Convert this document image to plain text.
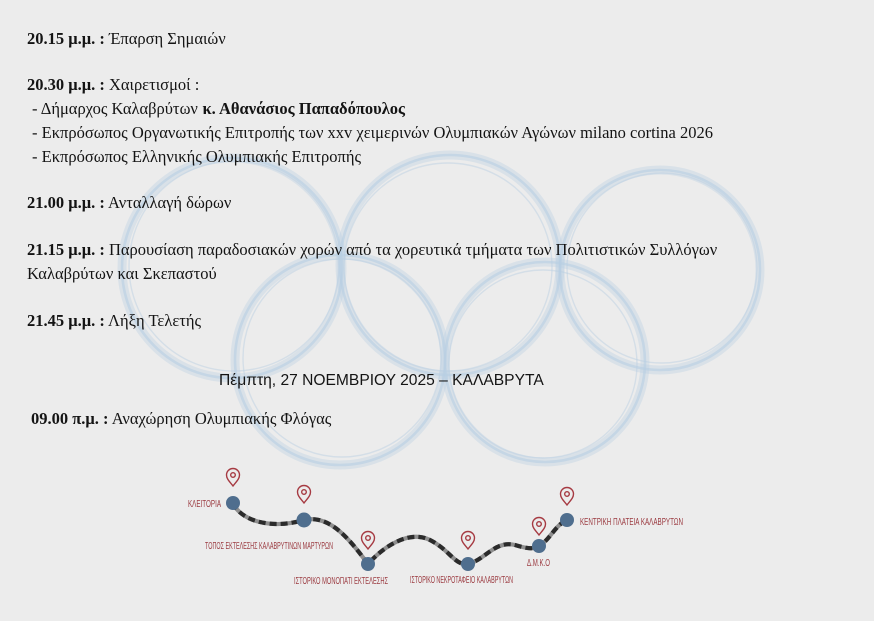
20.15 μ.μ. : Έπαρση Σημαιών
20.30 μ.μ. : Χαιρετισμοί :
- Δήμαρχος Καλαβρύτων κ. Αθανάσιος Παπαδόπουλος
- Εκπρόσωπος Οργανωτικής Επιτροπής των xxv χειμερινών Ολυμπιακών Αγώνων milano cortina 2026
- Εκπρόσωπος Ελληνικής Ολυμπιακής Επιτροπής
21.00 μ.μ. : Ανταλλαγή δώρων
21.15 μ.μ. : Παρουσίαση παραδοσιακών χορών από τα χορευτικά τμήματα των Πολιτιστικών Συλλόγων
Καλαβρύτων και Σκεπαστού
21.45 μ.μ. : Λήξη Τελετής
Πέμπτη, 27 ΝΟΕΜΒΡΙΟΥ 2025 – ΚΑΛΑΒΡΥΤΑ
09.00 π.μ. : Αναχώρηση Ολυμπιακής Φλόγας
ΚΛΕΙΤΟΡΙΑ
ΤΟΠΟΣ ΕΚΤΕΛΕΣΗΣ ΚΑΛΑΒΡΥΤΙΝΩΝ ΜΑΡΤΥΡΩΝ
ΙΣΤΟΡΙΚΟ ΜΟΝΟΠΑΤΙ ΕΚΤΕΛΕΣΗΣ ΙΣΤΟΡΙΚΟ ΝΕΚΡΟΤΑΦΕΙΟ ΚΑΛΑΒΡΥΤΩΝ
Δ.Μ.Κ.Ο
ΚΕΝΤΡΙΚΗ ΠΛΑΤΕΙΑ ΚΑΛΑΒΡΥΤΩΝ
